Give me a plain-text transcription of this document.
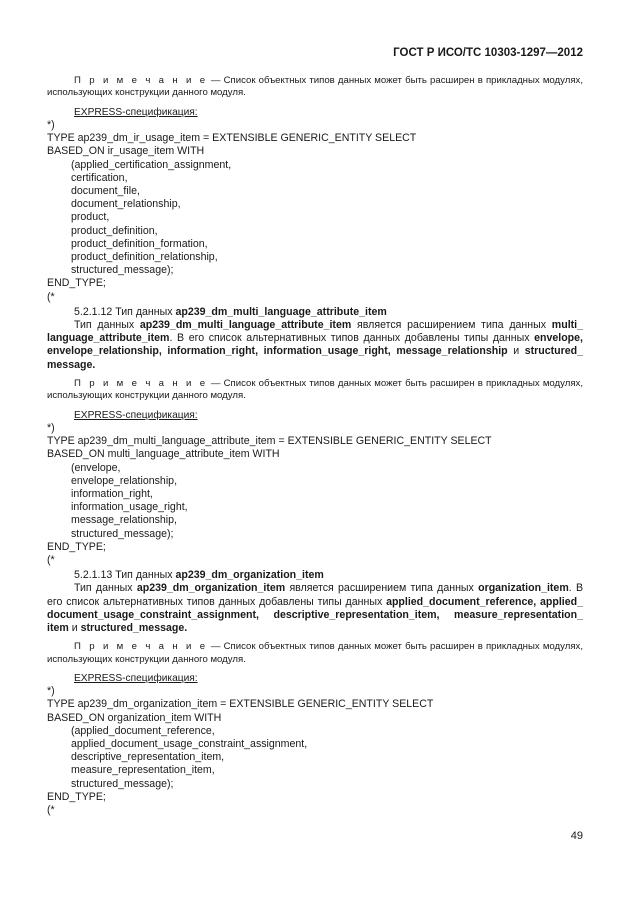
ГОСТ Р ИСО/ТС 10303-1297—2012

П р и м е ч а н и е — Список объектных типов данных может быть расширен в прикладных модулях, использующих конструкции данного модуля.

EXPRESS-спецификация:

*)
TYPE ap239_dm_ir_usage_item = EXTENSIBLE GENERIC_ENTITY SELECT
BASED_ON ir_usage_item WITH
(applied_certification_assignment,
certification,
document_file,
document_relationship,
product,
product_definition,
product_definition_formation,
product_definition_relationship,
structured_message);
END_TYPE;
(*
5.2.1.12 Тип данных ap239_dm_multi_language_attribute_item

Тип данных ap239_dm_multi_language_attribute_item является расширением типа данных multi_ language_attribute_item. В его список альтернативных типов данных добавлены типы данных envelope, envelope_relationship, information_right, information_usage_right, message_relationship и structured_ message.

П р и м е ч а н и е — Список объектных типов данных может быть расширен в прикладных модулях, использующих конструкции данного модуля.

EXPRESS-спецификация:

*)
TYPE ap239_dm_multi_language_attribute_item = EXTENSIBLE GENERIC_ENTITY SELECT
BASED_ON multi_language_attribute_item WITH
(envelope,
envelope_relationship,
information_right,
information_usage_right,
message_relationship,
structured_message);
END_TYPE;
(*
5.2.1.13 Тип данных ap239_dm_organization_item

Тип данных ap239_dm_organization_item является расширением типа данных organization_item. В его список альтернативных типов данных добавлены типы данных applied_document_reference, applied_ document_usage_constraint_assignment, descriptive_representation_item, measure_representation_ item и structured_message.

П р и м е ч а н и е — Список объектных типов данных может быть расширен в прикладных модулях, использующих конструкции данного модуля.

EXPRESS-спецификация:

*)
TYPE ap239_dm_organization_item = EXTENSIBLE GENERIC_ENTITY SELECT
BASED_ON organization_item WITH
(applied_document_reference,
applied_document_usage_constraint_assignment,
descriptive_representation_item,
measure_representation_item,
structured_message);
END_TYPE;
(*
49
